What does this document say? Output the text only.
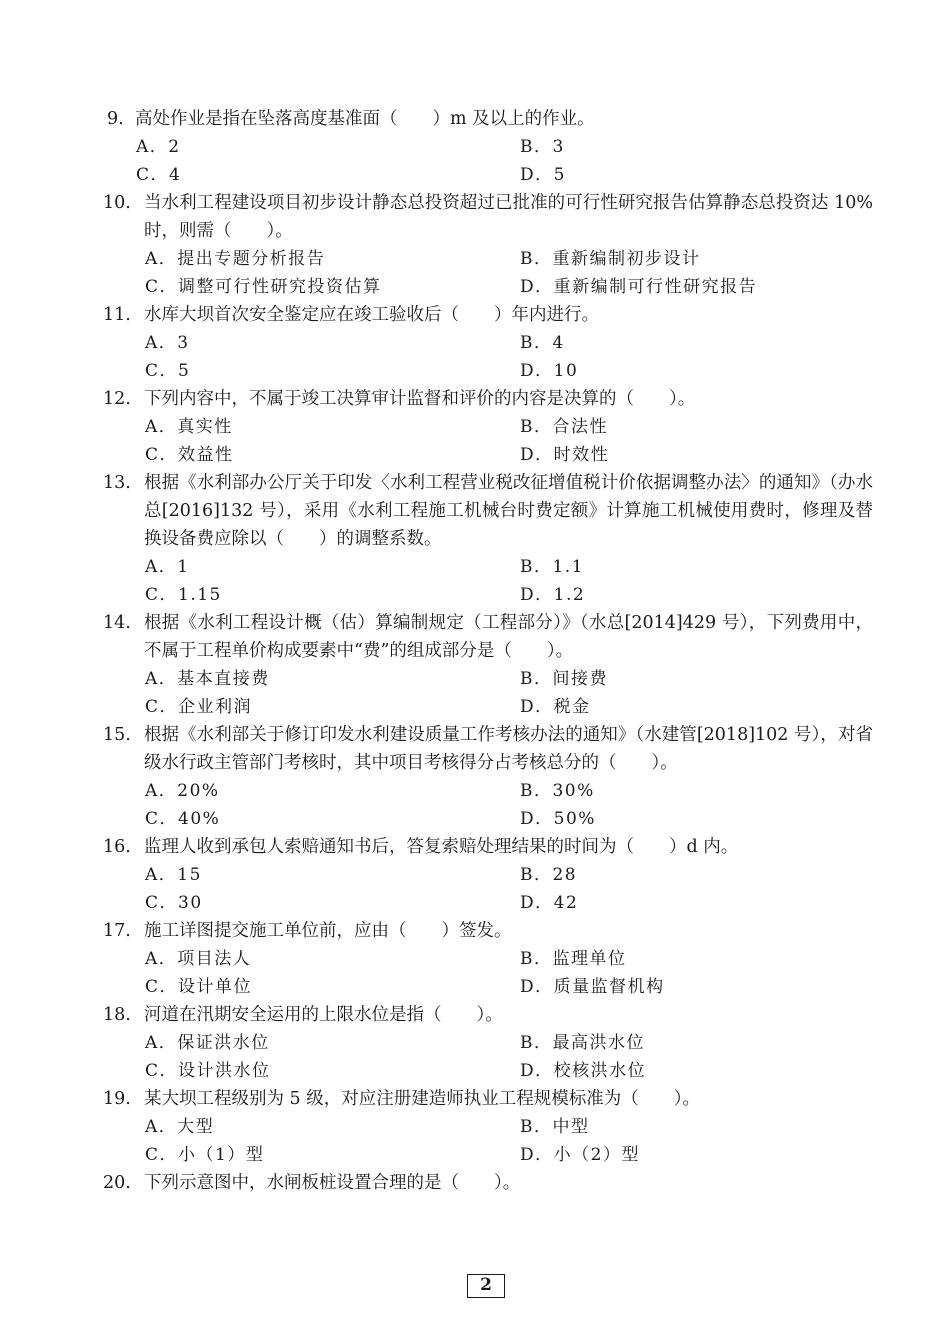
9. 高处作业是指在坠落高度基准面（　　）m 及以上的作业。
A．2	B．3
C．4	D．5
10. 当水利工程建设项目初步设计静态总投资超过已批准的可行性研究报告估算静态总投资达 10%时，则需（　　）。
A．提出专题分析报告	B．重新编制初步设计
C．调整可行性研究投资估算	D．重新编制可行性研究报告
11. 水库大坝首次安全鉴定应在竣工验收后（　　）年内进行。
A．3	B．4
C．5	D．10
12. 下列内容中，不属于竣工决算审计监督和评价的内容是决算的（　　）。
A．真实性	B．合法性
C．效益性	D．时效性
13. 根据《水利部办公厅关于印发〈水利工程营业税改征增值税计价依据调整办法〉的通知》（办水总[2016]132 号），采用《水利工程施工机械台时费定额》计算施工机械使用费时，修理及替换设备费应除以（　　）的调整系数。
A．1	B．1.1
C．1.15	D．1.2
14. 根据《水利工程设计概（估）算编制规定（工程部分）》（水总[2014]429 号），下列费用中，不属于工程单价构成要素中“费”的组成部分是（　　）。
A．基本直接费	B．间接费
C．企业利润	D．税金
15. 根据《水利部关于修订印发水利建设质量工作考核办法的通知》（水建管[2018]102 号），对省级水行政主管部门考核时，其中项目考核得分占考核总分的（　　）。
A．20%	B．30%
C．40%	D．50%
16. 监理人收到承包人索赔通知书后，答复索赔处理结果的时间为（　　）d 内。
A．15	B．28
C．30	D．42
17. 施工详图提交施工单位前，应由（　　）签发。
A．项目法人	B．监理单位
C．设计单位	D．质量监督机构
18. 河道在汛期安全运用的上限水位是指（　　）。
A．保证洪水位	B．最高洪水位
C．设计洪水位	D．校核洪水位
19. 某大坝工程级别为 5 级，对应注册建造师执业工程规模标准为（　　）。
A．大型	B．中型
C．小（1）型	D．小（2）型
20. 下列示意图中，水闸板桩设置合理的是（　　）。
2
